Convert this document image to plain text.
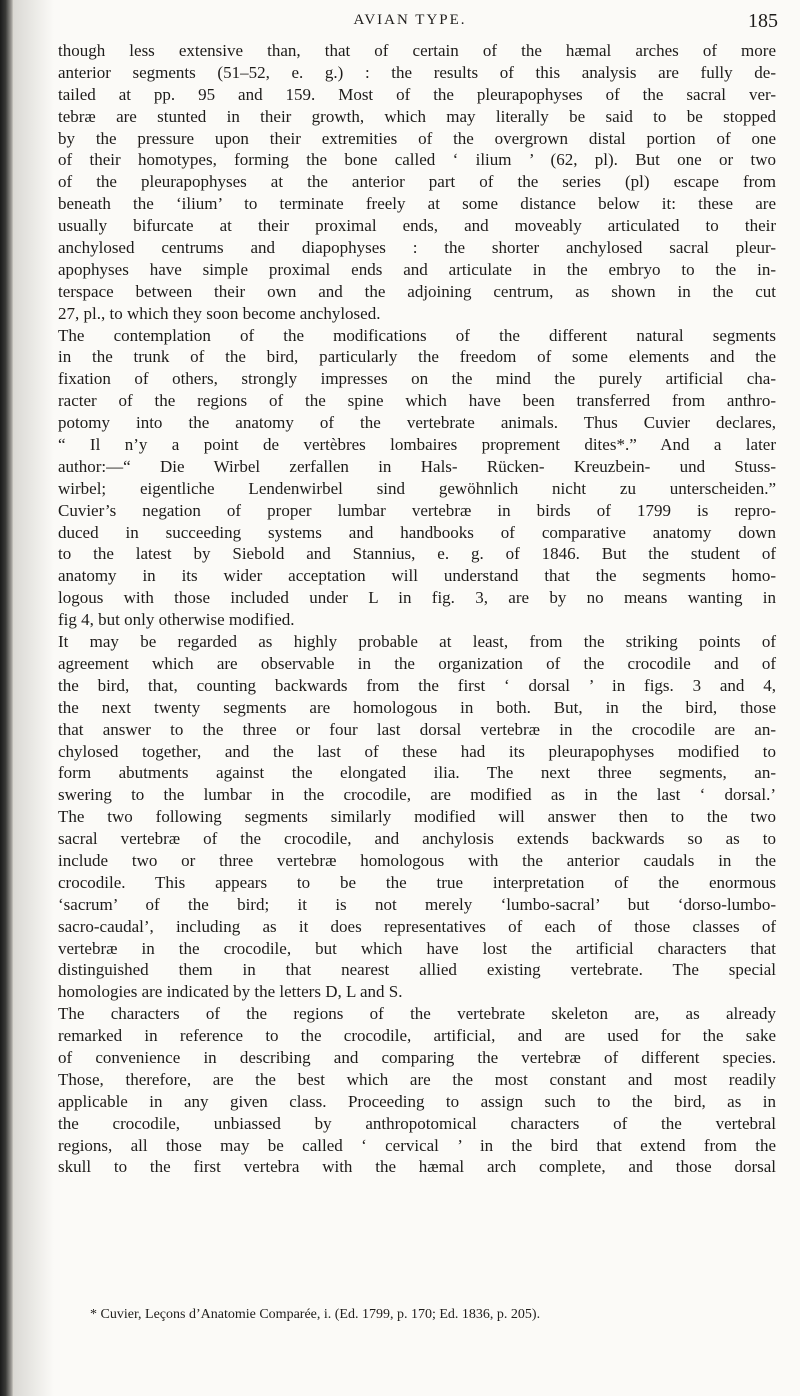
AVIAN TYPE.	185
though less extensive than, that of certain of the hæmal arches of more
anterior segments (51–52, e. g.) : the results of this analysis are fully de-
tailed at pp. 95 and 159. Most of the pleurapophyses of the sacral ver-
tebræ are stunted in their growth, which may literally be said to be stopped
by the pressure upon their extremities of the overgrown distal portion of one
of their homotypes, forming the bone called ‘ ilium ’ (62, pl). But one or two
of the pleurapophyses at the anterior part of the series (pl) escape from
beneath the ‘ilium’ to terminate freely at some distance below it: these are
usually bifurcate at their proximal ends, and moveably articulated to their
anchylosed centrums and diapophyses : the shorter anchylosed sacral pleur-
apophyses have simple proximal ends and articulate in the embryo to the in-
terspace between their own and the adjoining centrum, as shown in the cut
27, pl., to which they soon become anchylosed.
The contemplation of the modifications of the different natural segments
in the trunk of the bird, particularly the freedom of some elements and the
fixation of others, strongly impresses on the mind the purely artificial cha-
racter of the regions of the spine which have been transferred from anthro-
potomy into the anatomy of the vertebrate animals. Thus Cuvier declares,
“ Il n’y a point de vertèbres lombaires proprement dites*.” And a later
author:—“ Die Wirbel zerfallen in Hals- Rücken- Kreuzbein- und Stuss-
wirbel; eigentliche Lendenwirbel sind gewöhnlich nicht zu unterscheiden.”
Cuvier’s negation of proper lumbar vertebræ in birds of 1799 is repro-
duced in succeeding systems and handbooks of comparative anatomy down
to the latest by Siebold and Stannius, e. g. of 1846. But the student of
anatomy in its wider acceptation will understand that the segments homo-
logous with those included under L in fig. 3, are by no means wanting in
fig 4, but only otherwise modified.
It may be regarded as highly probable at least, from the striking points of
agreement which are observable in the organization of the crocodile and of
the bird, that, counting backwards from the first ‘ dorsal ’ in figs. 3 and 4,
the next twenty segments are homologous in both. But, in the bird, those
that answer to the three or four last dorsal vertebræ in the crocodile are an-
chylosed together, and the last of these had its pleurapophyses modified to
form abutments against the elongated ilia. The next three segments, an-
swering to the lumbar in the crocodile, are modified as in the last ‘ dorsal.’
The two following segments similarly modified will answer then to the two
sacral vertebræ of the crocodile, and anchylosis extends backwards so as to
include two or three vertebræ homologous with the anterior caudals in the
crocodile. This appears to be the true interpretation of the enormous
‘sacrum’ of the bird; it is not merely ‘lumbo-sacral’ but ‘dorso-lumbo-
sacro-caudal’, including as it does representatives of each of those classes of
vertebræ in the crocodile, but which have lost the artificial characters that
distinguished them in that nearest allied existing vertebrate. The special
homologies are indicated by the letters D, L and S.
The characters of the regions of the vertebrate skeleton are, as already
remarked in reference to the crocodile, artificial, and are used for the sake
of convenience in describing and comparing the vertebræ of different species.
Those, therefore, are the best which are the most constant and most readily
applicable in any given class. Proceeding to assign such to the bird, as in
the crocodile, unbiassed by anthropotomical characters of the vertebral
regions, all those may be called ‘ cervical ’ in the bird that extend from the
skull to the first vertebra with the hæmal arch complete, and those dorsal
* Cuvier, Leçons d’Anatomie Comparée, i. (Ed. 1799, p. 170; Ed. 1836, p. 205).
